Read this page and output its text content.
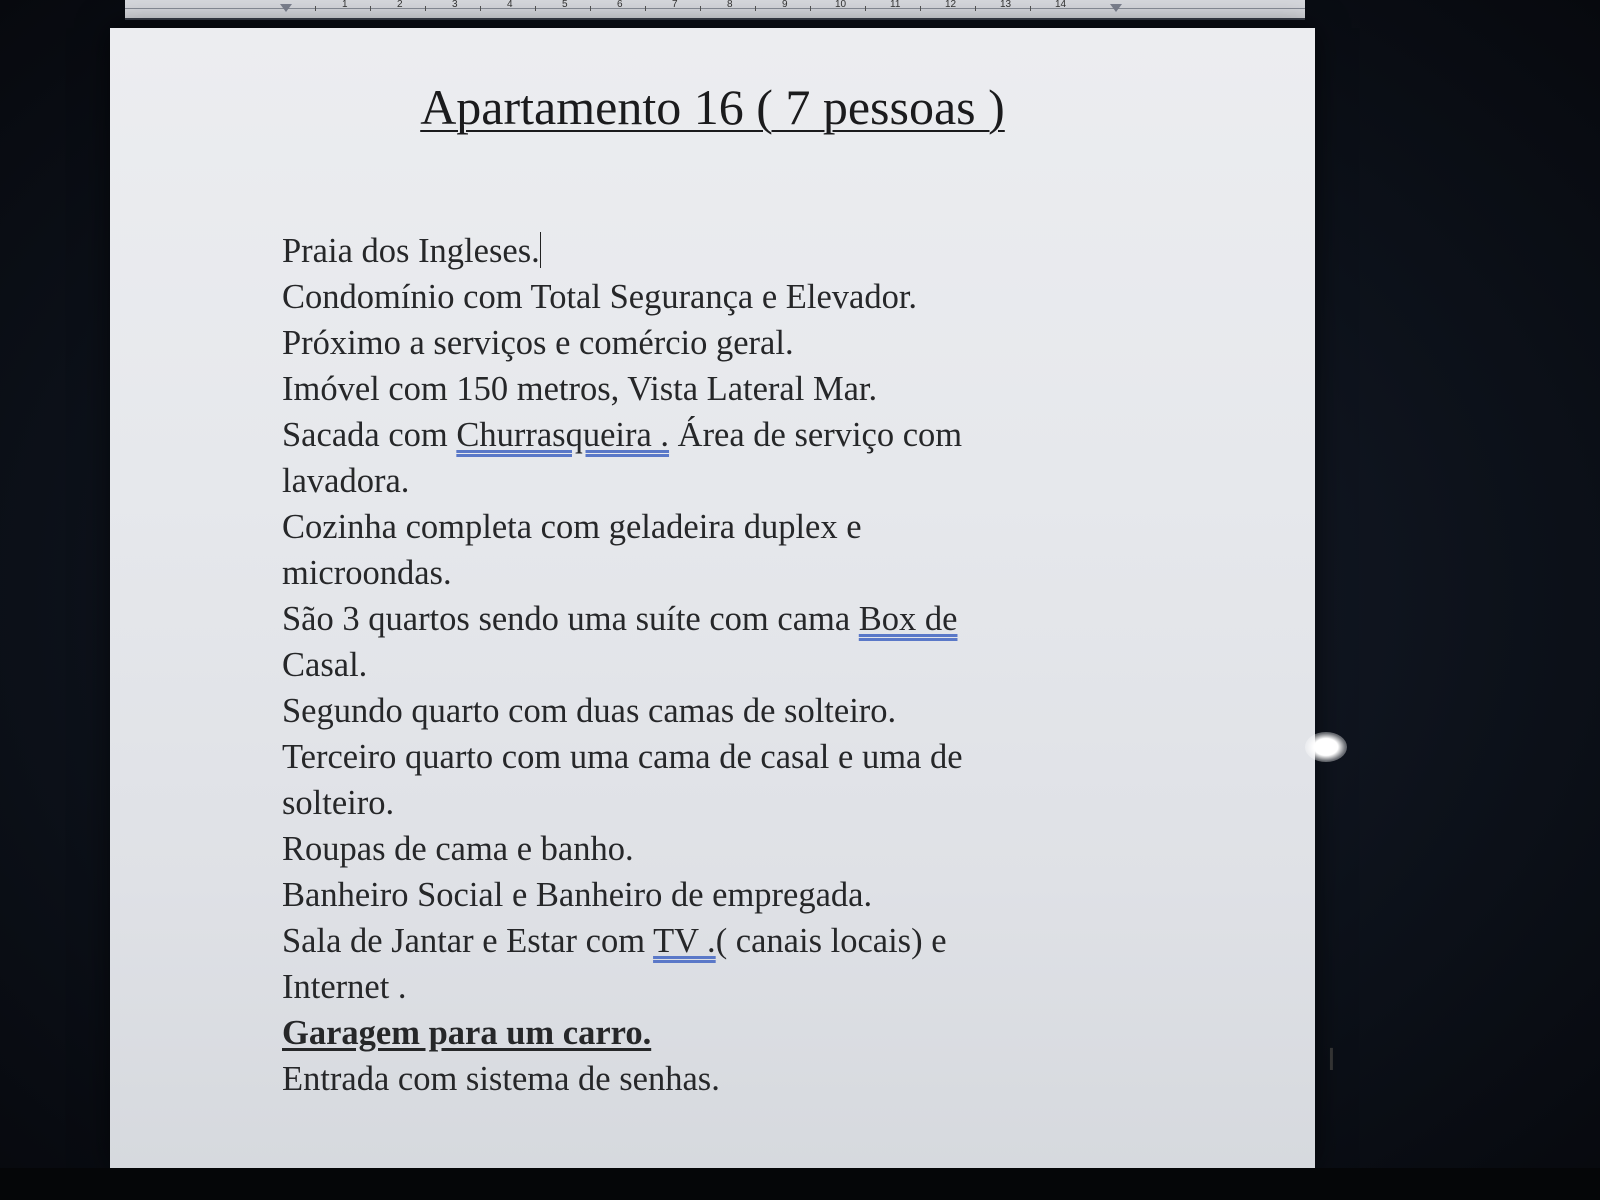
1	2	3	4	5	6	7	8	9	10	11	12	13	14
Apartamento 16 ( 7 pessoas )
Praia dos Ingleses.
Condomínio com Total Segurança e Elevador.
Próximo a serviços e comércio geral.
Imóvel com 150 metros, Vista Lateral Mar.
Sacada com Churrasqueira . Área de serviço com
lavadora.
Cozinha completa com geladeira duplex e
microondas.
São 3 quartos sendo uma suíte com cama Box de
Casal.
Segundo quarto com duas camas de solteiro.
Terceiro quarto com uma cama de casal e uma de
solteiro.
Roupas de cama e banho.
Banheiro Social e Banheiro de empregada.
Sala de Jantar e Estar com TV .( canais locais) e
Internet .
Garagem para um carro.
Entrada com sistema de senhas.	I
